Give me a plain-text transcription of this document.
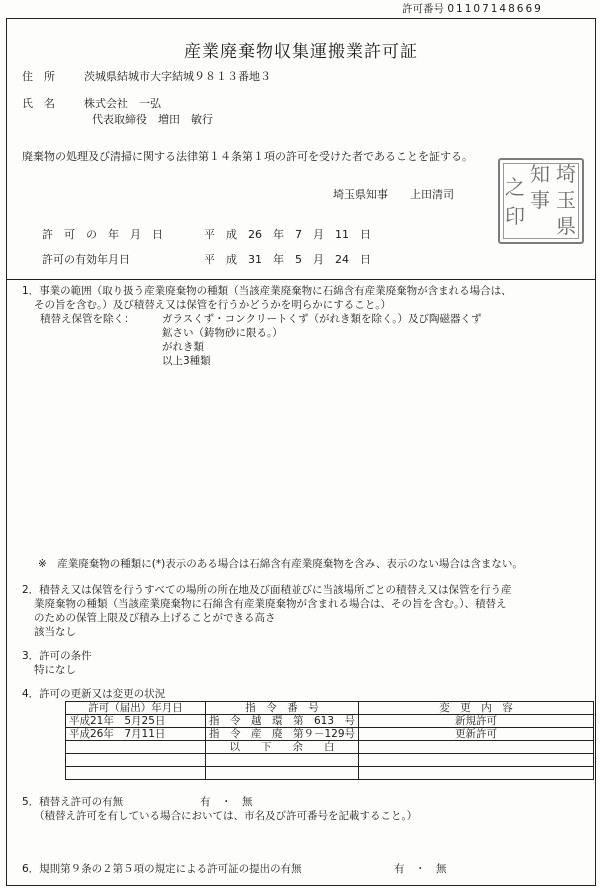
許可番号 01107148669
産業廃棄物収集運搬業許可証
住　所	茨城県結城市大字結城９８１３番地３
氏　名	株式会社　一弘
代表取締役　増田　敏行
廃棄物の処理及び清掃に関する法律第１４条第１項の許可を受けた者であることを証する。
埼玉県知事　　上田清司
埼
玉
県
知
事
之
印
許　可　の　年　月　日	平　成　26　年　7　月　11　日
許可の有効年月日	平　成　31　年　5　月　24　日
1．事業の範囲（取り扱う産業廃棄物の種類（当該産業廃棄物に石綿含有産業廃棄物が含まれる場合は、
その旨を含む。）及び積替え又は保管を行うかどうかを明らかにすること。）
積替え保管を除く：	ガラスくず・コンクリートくず（がれき類を除く。）及び陶磁器くず
鉱さい（鋳物砂に限る。）
がれき類
以上3種類
※　産業廃棄物の種類に(*)表示のある場合は石綿含有産業廃棄物を含み、表示のない場合は含まない。
2．積替え又は保管を行うすべての場所の所在地及び面積並びに当該場所ごとの積替え又は保管を行う産
業廃棄物の種類（当該産業廃棄物に石綿含有産業廃棄物が含まれる場合は、その旨を含む。）、積替え
のための保管上限及び積み上げることができる高さ
該当なし
3．許可の条件
特になし
4．許可の更新又は変更の状況
許可（届出）年月日	指　令　番　号	変　更　内　容
平成21年　5月25日	指　令　越　環　第　613　号	新規許可
平成26年　7月11日	指　令　産　廃　第９－129号	更新許可
	以　　下　　余　　白	

5．積替え許可の有無	有　・　無
（積替え許可を有している場合においては、市名及び許可番号を記載すること。）
6．規則第９条の２第５項の規定による許可証の提出の有無	有　・　無
